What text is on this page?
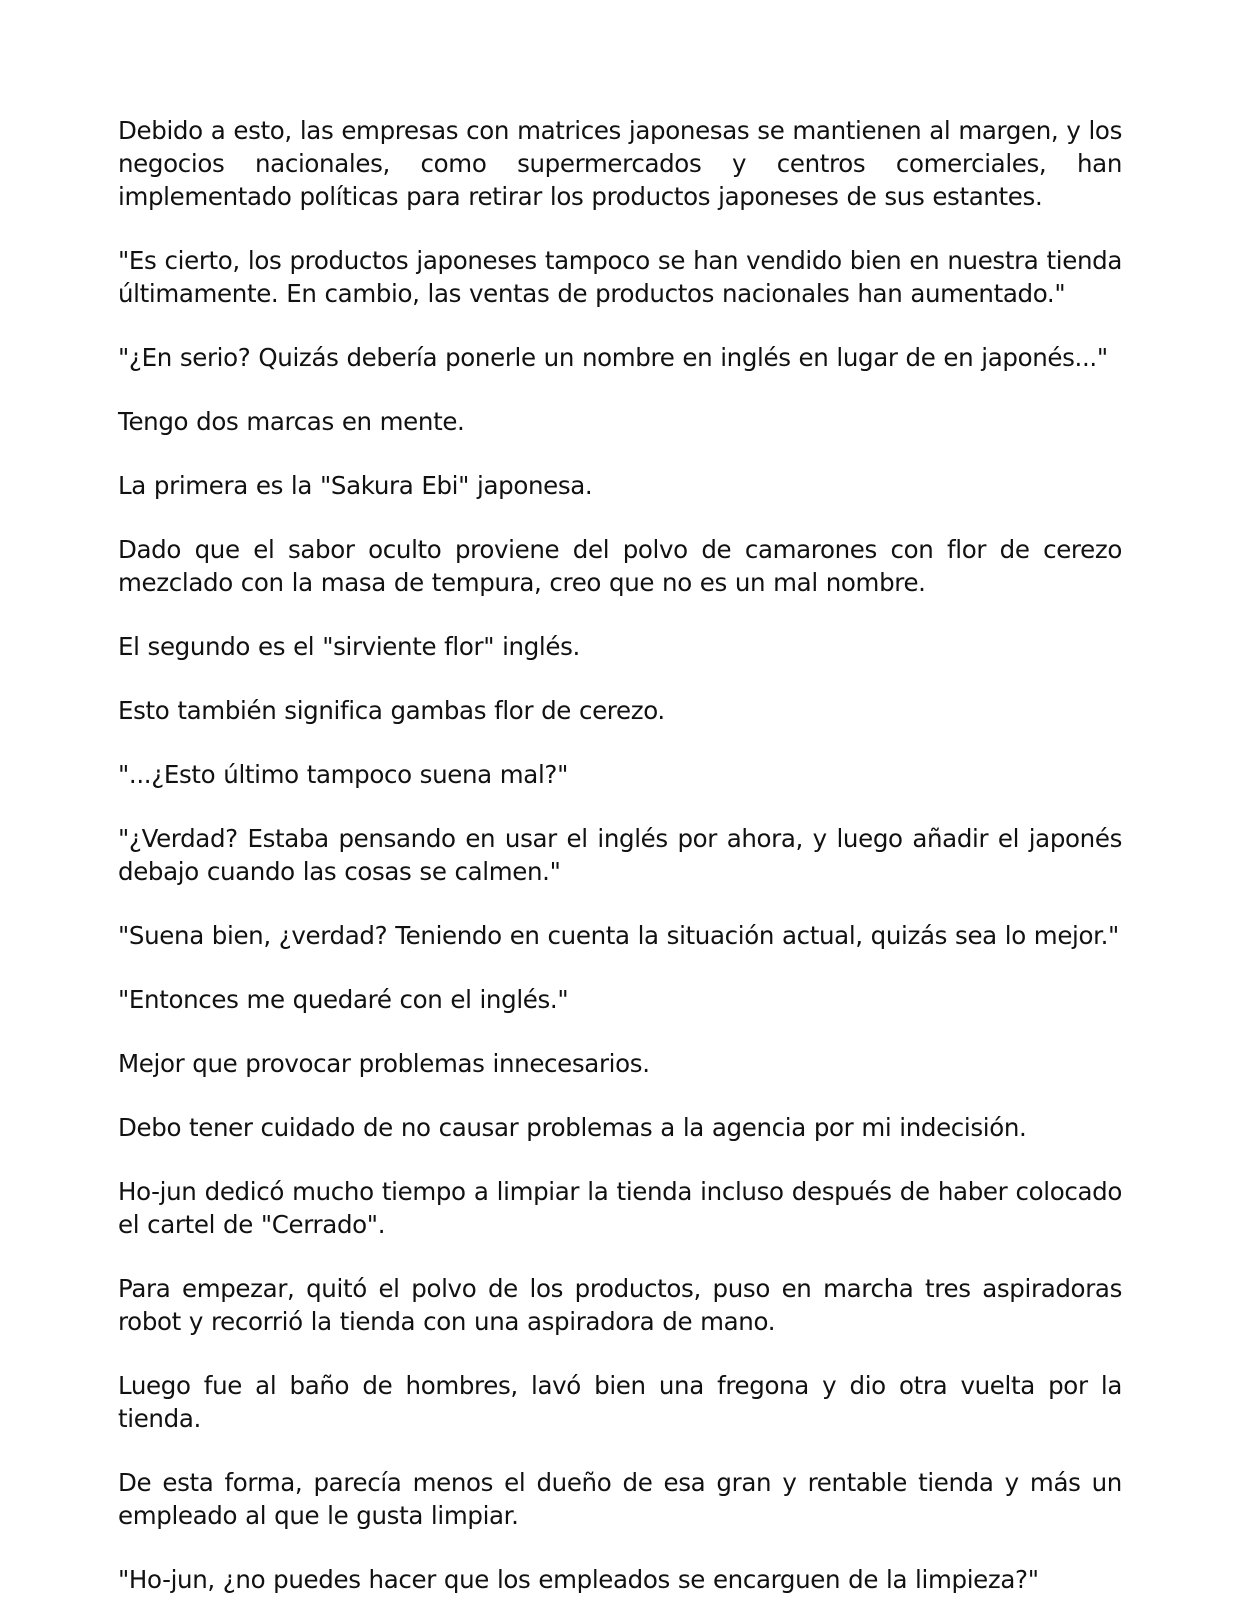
Debido a esto, las empresas con matrices japonesas se mantienen al margen, y los negocios nacionales, como supermercados y centros comerciales, han implementado políticas para retirar los productos japoneses de sus estantes.

"Es cierto, los productos japoneses tampoco se han vendido bien en nuestra tienda últimamente. En cambio, las ventas de productos nacionales han aumentado."

"¿En serio? Quizás debería ponerle un nombre en inglés en lugar de en japonés..."

Tengo dos marcas en mente.

La primera es la "Sakura Ebi" japonesa.

Dado que el sabor oculto proviene del polvo de camarones con flor de cerezo mezclado con la masa de tempura, creo que no es un mal nombre.

El segundo es el "sirviente flor" inglés.

Esto también significa gambas flor de cerezo.

"...¿Esto último tampoco suena mal?"

"¿Verdad? Estaba pensando en usar el inglés por ahora, y luego añadir el japonés debajo cuando las cosas se calmen."

"Suena bien, ¿verdad? Teniendo en cuenta la situación actual, quizás sea lo mejor."

"Entonces me quedaré con el inglés."

Mejor que provocar problemas innecesarios.

Debo tener cuidado de no causar problemas a la agencia por mi indecisión.

Ho-jun dedicó mucho tiempo a limpiar la tienda incluso después de haber colocado el cartel de "Cerrado".

Para empezar, quitó el polvo de los productos, puso en marcha tres aspiradoras robot y recorrió la tienda con una aspiradora de mano.

Luego fue al baño de hombres, lavó bien una fregona y dio otra vuelta por la tienda.

De esta forma, parecía menos el dueño de esa gran y rentable tienda y más un empleado al que le gusta limpiar.

"Ho-jun, ¿no puedes hacer que los empleados se encarguen de la limpieza?"
